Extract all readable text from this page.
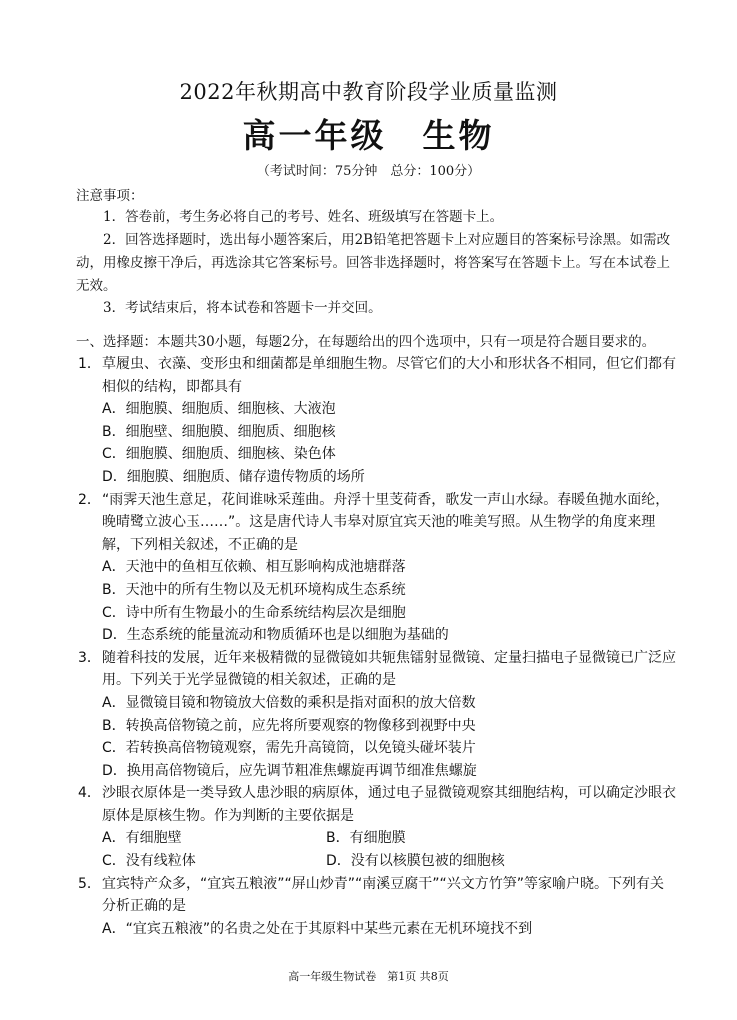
2022年秋期高中教育阶段学业质量监测
高一年级　生物
（考试时间：75分钟　总分：100分）
注意事项：
1．答卷前，考生务必将自己的考号、姓名、班级填写在答题卡上。
2．回答选择题时，选出每小题答案后，用2B铅笔把答题卡上对应题目的答案标号涂黑。如需改动，用橡皮擦干净后，再选涂其它答案标号。回答非选择题时，将答案写在答题卡上。写在本试卷上无效。
3．考试结束后，将本试卷和答题卡一并交回。
一、选择题：本题共30小题，每题2分，在每题给出的四个选项中，只有一项是符合题目要求的。

1．草履虫、衣藻、变形虫和细菌都是单细胞生物。尽管它们的大小和形状各不相同，但它们都有相似的结构，即都具有

A．细胞膜、细胞质、细胞核、大液泡

B．细胞壁、细胞膜、细胞质、细胞核

C．细胞膜、细胞质、细胞核、染色体

D．细胞膜、细胞质、储存遗传物质的场所

2．“雨霁天池生意足，花间谁咏采莲曲。舟浮十里芰荷香，歌发一声山水绿。春暖鱼抛水面纶，晚晴鹭立波心玉……”。这是唐代诗人韦皋对原宜宾天池的唯美写照。从生物学的角度来理解，下列相关叙述，不正确的是

A．天池中的鱼相互依赖、相互影响构成池塘群落

B．天池中的所有生物以及无机环境构成生态系统

C．诗中所有生物最小的生命系统结构层次是细胞

D．生态系统的能量流动和物质循环也是以细胞为基础的

3．随着科技的发展，近年来极精微的显微镜如共轭焦镭射显微镜、定量扫描电子显微镜已广泛应用。下列关于光学显微镜的相关叙述，正确的是

A．显微镜目镜和物镜放大倍数的乘积是指对面积的放大倍数

B．转换高倍物镜之前，应先将所要观察的物像移到视野中央

C．若转换高倍物镜观察，需先升高镜筒，以免镜头碰坏装片

D．换用高倍物镜后，应先调节粗准焦螺旋再调节细准焦螺旋

4．沙眼衣原体是一类导致人患沙眼的病原体，通过电子显微镜观察其细胞结构，可以确定沙眼衣原体是原核生物。作为判断的主要依据是

A．有细胞壁	B．有细胞膜
C．没有线粒体	D．没有以核膜包被的细胞核

5．宜宾特产众多，“宜宾五粮液”“屏山炒青”“南溪豆腐干”“兴文方竹笋”等家喻户晓。下列有关分析正确的是

A．“宜宾五粮液”的名贵之处在于其原料中某些元素在无机环境找不到

高一年级生物试卷　第1页 共8页
